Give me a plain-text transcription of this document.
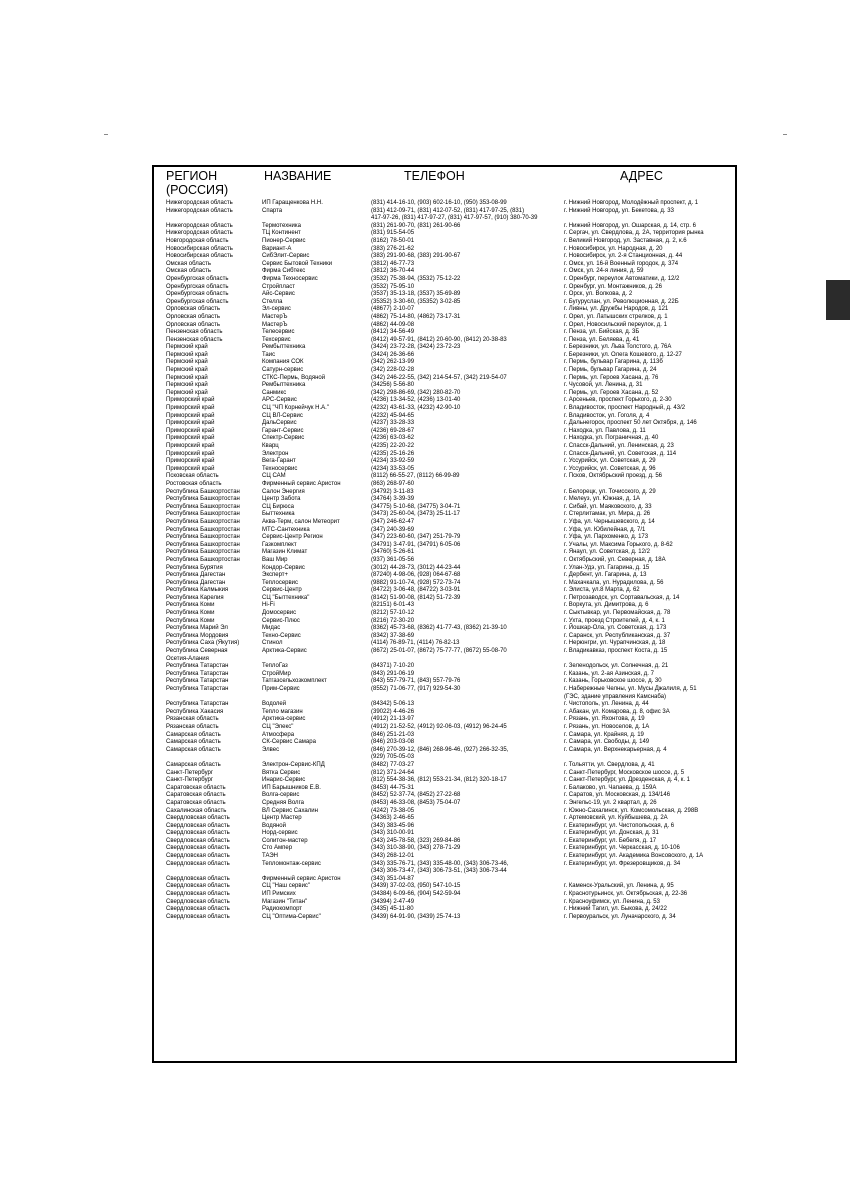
РЕГИОН
(РОССИЯ)
НАЗВАНИЕ	ТЕЛЕФОН	АДРЕС
Нижегородская область	ИП Гаращенкова Н.Н.	(831) 414-16-10, (903) 602-16-10, (950) 353-08-99	г. Нижний Новгород, Молодёжный проспект, д. 1
Нижегородская область	Спарта	(831) 412-09-71, (831) 412-07-52, (831) 417-97-25, (831)	г. Нижний Новгород, ул. Бекетова, д. 33
417-97-26, (831) 417-97-27, (831) 417-97-57, (910) 380-70-39
Нижегородская область	Термотехника	(831) 261-90-70, (831) 261-90-66	г. Нижний Новгород, ул. Ошарская, д. 14, стр. 6
Нижегородская область	ТЦ Континент	(831) 915-54-05	г. Сергач, ул. Свердлова, д. 2А, территория рынка
Новгородская область	Пионер-Сервис	(8162) 78-50-01	г. Великий Новгород, ул. Заставная, д. 2, к.6
Новосибирская область	Вариант-А	(383) 276-21-62	г. Новосибирск, ул. Народная, д. 20
Новосибирская область	СибЭлит-Сервис	(383) 291-90-68, (383) 291-90-67	г. Новосибирск, ул. 2-я Станционная, д. 44
Омская область	Сервис Бытовой Техники	(3812) 46-77-73	г. Омск, ул. 16-й Военный городок, д. 374
Омская область	Фирма Сибтекс	(3812) 36-70-44	г. Омск, ул. 24-я линия, д. 59
Оренбургская область	Фирма Техносервис	(3532) 75-38-94, (3532) 75-12-22	г. Оренбург, переулок Автоматики, д. 12/2
Оренбургская область	Стройпласт	(3532) 75-95-10	г. Оренбург, ул. Монтажников, д. 26
Оренбургская область	Айс-Сервис	(3537) 35-13-18, (3537) 35-69-89	г. Орск, ул. Волкова, д. 2
Оренбургская область	Стелла	(35352) 3-30-60, (35352) 3-02-85	г. Бугуруслан, ул. Революционная, д. 22Б
Орловская область	Эл-сервис	(48677) 2-10-07	г. Ливны, ул. Дружбы Народов, д. 121
Орловская область	МастерЪ	(4862) 75-14-80, (4862) 73-17-31	г. Орел, ул. Латышских стрелков, д. 1
Орловская область	МастерЪ	(4862) 44-09-08	г. Орел, Новосильский переулок, д. 1
Пензенская область	Телесервис	(8412) 34-56-49	г. Пенза, ул. Бийская, д. 3Б
Пензенская область	Техсервис	(8412) 49-57-91, (8412) 20-60-90, (8412) 20-38-83	г. Пенза, ул. Беляева, д. 41
Пермский край	Рембыттехника	(3424) 23-72-28, (3424) 23-72-23	г. Березники, ул. Льва Толстого, д. 76А
Пермский край	Таис	(3424) 26-36-66	г. Березники, ул. Олега Кошевого, д. 12-27
Пермский край	Компания СОК	(342) 262-13-99	г. Пермь, бульвар Гагарина, д. 113б
Пермский край	Сатурн-сервис	(342) 228-02-28	г. Пермь, бульвар Гагарина, д. 24
Пермский край	СТКС-Пермь, Водяной	(342) 246-22-55, (342) 214-54-57, (342) 219-54-07	г. Пермь, ул. Героев Хасана, д. 76
Пермский край	Рембыттехника	(34256) 5-56-80	г. Чусовой, ул. Ленина, д. 31
Пермский край	Санмикс	(342) 298-86-69, (342) 280-82-70	г. Пермь, ул. Героев Хасана, д. 52
Приморский край	АРС-Сервис	(4236) 13-34-52, (4236) 13-01-40	г. Арсеньев, проспект Горького, д. 2-30
Приморский край	СЦ "ЧП Корнейчук Н.А."	(4232) 43-61-33, (4232) 42-90-10	г. Владивосток, проспект Народный, д. 43/2
Приморский край	СЦ ВЛ-Сервис	(4232) 45-94-65	г. Владивосток, ул. Гоголя, д. 4
Приморский край	ДальСервис	(4237) 33-28-33	г. Дальнегорск, проспект 50 лет Октября, д. 146
Приморский край	Гарант-Сервис	(4236) 69-28-67	г. Находка, ул. Павлова, д. 11
Приморский край	Спектр-Сервис	(4236) 63-03-62	г. Находка, ул. Пограничная, д. 40
Приморский край	Кварц	(4235) 22-20-22	г. Спасск-Дальний, ул. Ленинская, д. 23
Приморский край	Электрон	(4235) 25-16-26	г. Спасск-Дальний, ул. Советская, д. 114
Приморский край	Вега-Гарант	(4234) 33-92-59	г. Уссурийск, ул. Советская, д. 29
Приморский край	Техносервис	(4234) 33-53-05	г. Уссурийск, ул. Советская, д. 96
Псковская область	СЦ САМ	(8112) 66-55-27, (8112) 66-99-89	г. Псков, Октябрьский проезд, д. 56
Ростовская область	Фирменный сервис Аристон	(863) 268-97-60
Республика Башкортостан	Салон Энергия	(34792) 3-11-83	г. Белорецк, ул. Точисского, д. 29
Республика Башкортостан	Центр Забота	(34764) 3-39-39	г. Мелеуз, ул. Южная, д. 1А
Республика Башкортостан	СЦ Бирюса	(34775) 5-10-68, (34775) 3-04-71	г. Сибай, ул. Маяковского, д. 33
Республика Башкортостан	Быттехника	(3473) 25-60-04, (3473) 25-11-17	г. Стерлитамак, ул. Мира, д. 26
Республика Башкортостан	Аква-Терм, салон Метеорит	(347) 246-62-47	г. Уфа, ул. Чернышевского, д. 14
Республика Башкортостан	МТС-Сантехника	(347) 240-39-69	г. Уфа, ул. Юбилейная, д. 7/1
Республика Башкортостан	Сервис-Центр Регион	(347) 223-60-60, (347) 251-79-79	г. Уфа, ул. Пархоменко, д. 173
Республика Башкортостан	Газкомплект	(34791) 3-47-91, (34791) 6-05-06	г. Учалы, ул. Максима Горького, д. 8-62
Республика Башкортостан	Магазин Климат	(34760) 5-26-61	г. Янаул, ул. Советская, д. 12/2
Республика Башкортостан	Ваш Мир	(937) 361-05-56	г. Октябрьский, ул. Северная, д. 18А
Республика Бурятия	Кондор-Сервис	(3012) 44-28-73, (3012) 44-23-44	г. Улан-Удэ, ул. Гагарина, д. 15
Республика Дагестан	Эксперт+	(87240) 4-98-06, (928) 064-67-68	г. Дербент, ул. Гагарина, д. 13
Республика Дагестан	Теплосервис	(9882) 91-10-74, (928) 572-73-74	г. Махачкала, ул. Нурадилова, д. 56
Республика Калмыкия	Сервис-Центр	(84722) 3-06-48, (84722) 3-03-91	г. Элиста, ул.8 Марта, д. 62
Республика Карелия	СЦ "Быттехника"	(8142) 51-90-08, (8142) 51-72-39	г. Петрозаводск, ул. Сортавальская, д. 14
Республика Коми	Hi-Fi	(82151) 6-01-43	г. Воркута, ул. Димитрова, д. 6
Республика Коми	Домосервис	(8212) 57-10-12	г. Сыктывкар, ул. Первомайская, д. 78
Республика Коми	Сервис-Плюс	(8216) 72-30-20	г. Ухта, проезд Строителей, д. 4, к. 1
Республика Марий Эл	Мидас	(8362) 45-73-68, (8362) 41-77-43, (8362) 21-39-10	г. Йошкар-Ола, ул. Советская, д. 173
Республика Мордовия	Техно-Сервис	(8342) 37-38-69	г. Саранск, ул. Республиканская, д. 37
Республика Саха (Якутия)	Стинол	(4114) 76-89-71, (4114) 76-82-13	г. Нерюнгри, ул. Чурапчинская, д. 18
Республика Северная	Арктика-Сервис	(8672) 25-01-07, (8672) 75-77-77, (8672) 55-08-70	г. Владикавказ, проспект Коста, д. 15
Осетия-Алания
Республика Татарстан	ТеплоГаз	(84371) 7-10-20	г. Зеленодольск, ул. Солнечная, д. 21
Республика Татарстан	СтройМир	(843) 291-06-19	г. Казань, ул. 2-ая Азинская, д. 7
Республика Татарстан	Татгазсельхозкомплект	(843) 557-79-71, (843) 557-79-76	г. Казань, Горьковское шоссе, д. 30
Республика Татарстан	Прим-Сервис	(8552) 71-06-77, (917) 929-54-30	г. Набережные Челны, ул. Мусы Джалиля, д. 51
(ГЭС, здание управления Камснаба)
Республика Татарстан	Водолей	(84342) 5-06-13	г. Чистополь, ул. Ленина, д. 44
Республика Хакасия	Тепло магазин	(39022) 4-46-26	г. Абакан, ул. Комарова, д. 8, офис 3А
Рязанская область	Арктика-сервис	(4912) 21-13-97	г. Рязань, ул. Яхонтова, д. 19
Рязанская область	СЦ "Элекс"	(4912) 21-52-52, (4912) 92-06-03, (4912) 96-24-45	г. Рязань, ул. Новоселов, д. 1А
Самарская область	Атмосфера	(846) 251-21-03	г. Самара, ул. Крайняя, д. 19
Самарская область	СК-Сервис Самара	(846) 203-03-08	г. Самара, ул. Свободы, д. 149
Самарская область	Элвес	(846) 270-39-12, (846) 268-96-46, (927) 266-32-35,	г. Самара, ул. Верхнекарьерная, д. 4
(929) 705-05-03
Самарская область	Электрон-Сервис-КПД	(8482) 77-03-27	г. Тольятти, ул. Свердлова, д. 41
Санкт-Петербург	Вятка Сервис	(812) 371-24-64	г. Санкт-Петербург, Московское шоссе, д. 5
Санкт-Петербург	Инарис-Сервис	(812) 554-38-36, (812) 553-21-34, (812) 320-18-17	г. Санкт-Петербург, ул. Дрезденская, д. 4, к. 1
Саратовская область	ИП Барышников Е.В.	(8453) 44-75-31	г. Балаково, ул. Чапаева, д. 159А
Саратовская область	Волга-сервис	(8452) 52-37-74, (8452) 27-22-68	г. Саратов, ул. Московская, д. 134/146
Саратовская область	Средняя Волга	(8453) 46-33-08, (8453) 75-04-07	г. Энгельс-19, ул. 2 квартал, д. 26
Сахалинская область	ВЛ Сервис Сахалин	(4242) 73-38-05	г. Южно-Сахалинск, ул. Комсомольская, д. 298В
Свердловская область	Центр Мастер	(34363) 2-46-65	г. Артемовский, ул. Куйбышева, д. 2А
Свердловская область	Водяной	(343) 383-45-96	г. Екатеринбург, ул. Чистопольская, д. 6
Свердловская область	Норд-сервис	(343) 310-00-91	г. Екатеринбург, ул. Донская, д. 31
Свердловская область	Солитон-мастер	(343) 245-78-58, (323) 269-84-86	г. Екатеринбург, ул. Бебеля, д. 17
Свердловская область	Сто Ампер	(343) 310-38-90, (343) 278-71-29	г. Екатеринбург, ул. Черкасская, д. 10-106
Свердловская область	ТАЭН	(343) 268-12-01	г. Екатеринбург, ул. Академика Вонсовского, д. 1А
Свердловская область	Тепломонтаж-сервис	(343) 335-76-71, (343) 335-48-00, (343) 306-73-46,	г. Екатеринбург, ул. Фрезеровщиков, д. 34
(343) 306-73-47, (343) 306-73-51, (343) 306-73-44
Свердловская область	Фирменный сервис Аристон	(343) 351-04-87
Свердловская область	СЦ "Наш сервис"	(3439) 37-02-03, (950) 547-10-15	г. Каменск-Уральский, ул. Ленина, д. 95
Свердловская область	ИП Римских	(34384) 6-09-66, (904) 542-59-94	г. Краснотурьинск, ул. Октябрьская, д. 22-36
Свердловская область	Магазин "Титан"	(34394) 2-47-49	г. Красноуфимск, ул. Ленина, д. 53
Свердловская область	Радиокомпорт	(3435) 45-11-80	г. Нижний Тагил, ул. Быкова, д. 24/22
Свердловская область	СЦ "Оптима-Сервис"	(3439) 64-91-90, (3439) 25-74-13	г. Первоуральск, ул. Луначарского, д. 34
